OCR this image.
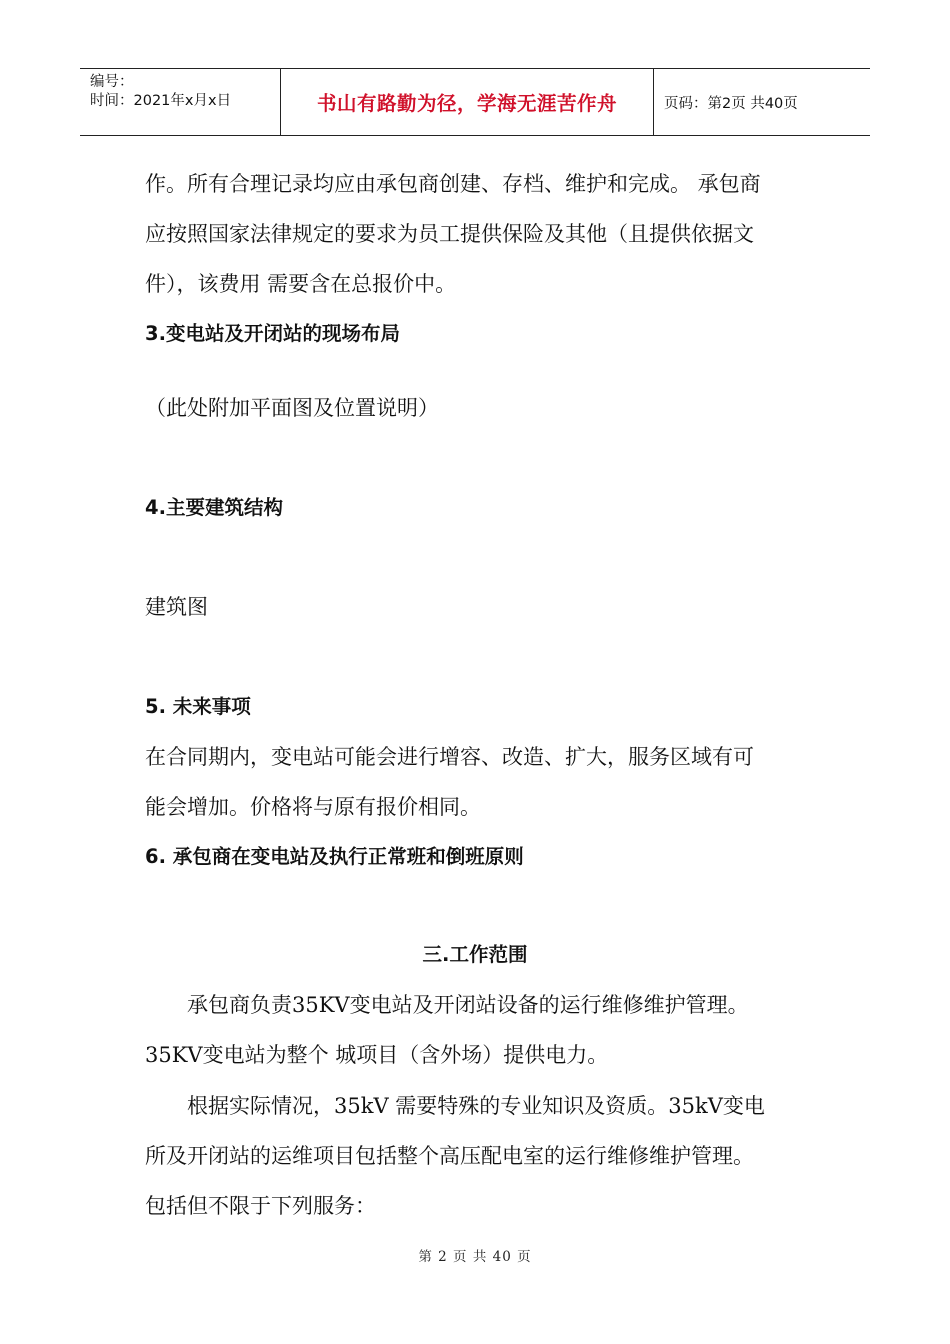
编号：
时间：2021年x月x日	书山有路勤为径，学海无涯苦作舟	页码：第2页 共40页
作。所有合理记录均应由承包商创建、存档、维护和完成。 承包商
应按照国家法律规定的要求为员工提供保险及其他（且提供依据文
件），该费用 需要含在总报价中。
3.变电站及开闭站的现场布局
（此处附加平面图及位置说明）
4.主要建筑结构
建筑图
5. 未来事项
在合同期内，变电站可能会进行增容、改造、扩大，服务区域有可
能会增加。价格将与原有报价相同。
6. 承包商在变电站及执行正常班和倒班原则
三.工作范围
承包商负责35KV变电站及开闭站设备的运行维修维护管理。
35KV变电站为整个 城项目（含外场）提供电力。
根据实际情况，35kV 需要特殊的专业知识及资质。35kV变电
所及开闭站的运维项目包括整个高压配电室的运行维修维护管理。
包括但不限于下列服务：
第 2 页 共 40 页
